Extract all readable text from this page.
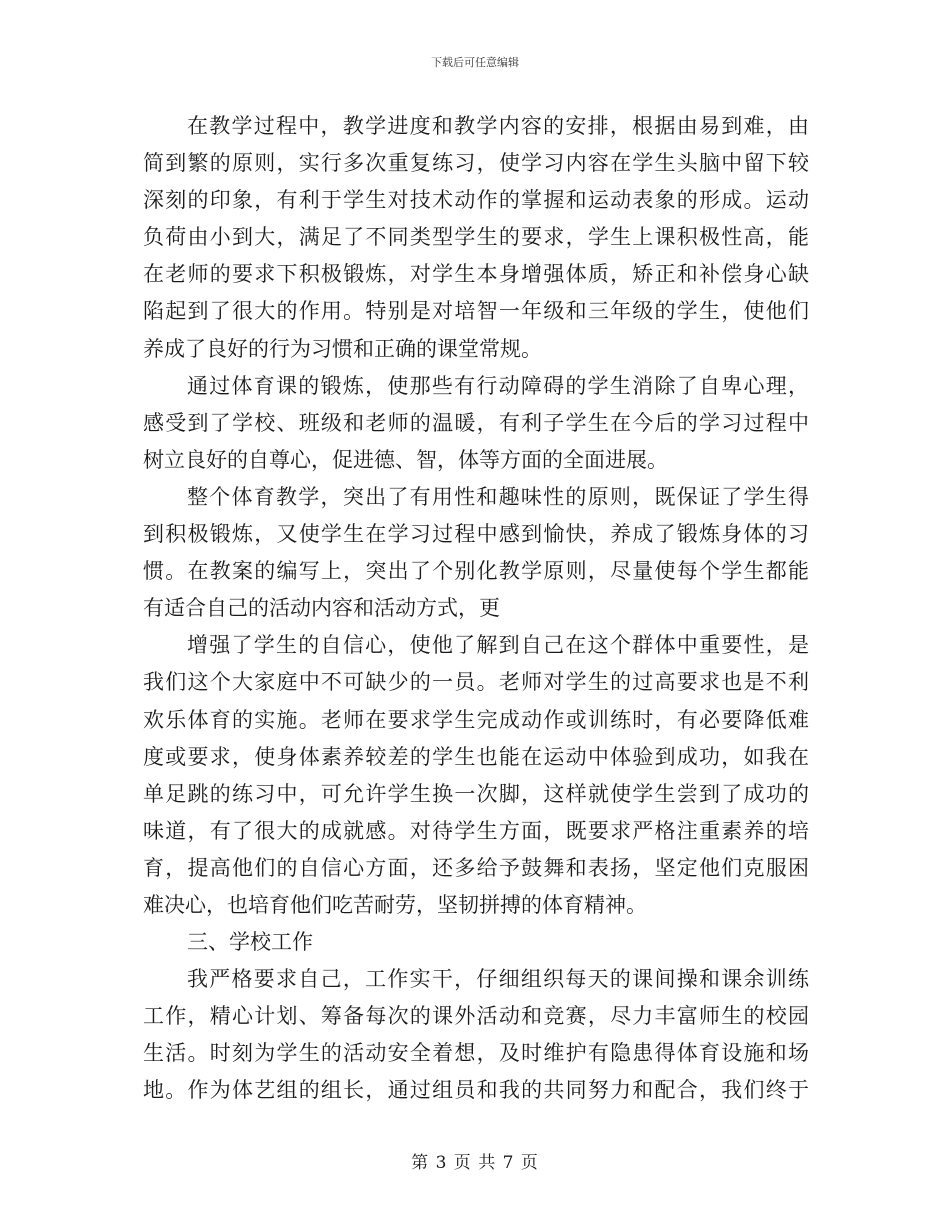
下载后可任意编辑
在教学过程中，教学进度和教学内容的安排，根据由易到难，由
简到繁的原则，实行多次重复练习，使学习内容在学生头脑中留下较
深刻的印象，有利于学生对技术动作的掌握和运动表象的形成。运动
负荷由小到大，满足了不同类型学生的要求，学生上课积极性高，能
在老师的要求下积极锻炼，对学生本身增强体质，矫正和补偿身心缺
陷起到了很大的作用。特别是对培智一年级和三年级的学生，使他们
养成了良好的行为习惯和正确的课堂常规。
通过体育课的锻炼，使那些有行动障碍的学生消除了自卑心理，
感受到了学校、班级和老师的温暖，有利子学生在今后的学习过程中
树立良好的自尊心，促进德、智，体等方面的全面进展。
整个体育教学，突出了有用性和趣味性的原则，既保证了学生得
到积极锻炼，又使学生在学习过程中感到愉快，养成了锻炼身体的习
惯。在教案的编写上，突出了个别化教学原则，尽量使每个学生都能
有适合自己的活动内容和活动方式，更
增强了学生的自信心，使他了解到自己在这个群体中重要性，是
我们这个大家庭中不可缺少的一员。老师对学生的过高要求也是不利
欢乐体育的实施。老师在要求学生完成动作或训练时，有必要降低难
度或要求，使身体素养较差的学生也能在运动中体验到成功，如我在
单足跳的练习中，可允许学生换一次脚，这样就使学生尝到了成功的
味道，有了很大的成就感。对待学生方面，既要求严格注重素养的培
育，提高他们的自信心方面，还多给予鼓舞和表扬，坚定他们克服困
难决心，也培育他们吃苦耐劳，坚韧拼搏的体育精神。
三、学校工作
我严格要求自己，工作实干，仔细组织每天的课间操和课余训练
工作，精心计划、筹备每次的课外活动和竞赛，尽力丰富师生的校园
生活。时刻为学生的活动安全着想，及时维护有隐患得体育设施和场
地。作为体艺组的组长，通过组员和我的共同努力和配合，我们终于
第 3 页 共 7 页
